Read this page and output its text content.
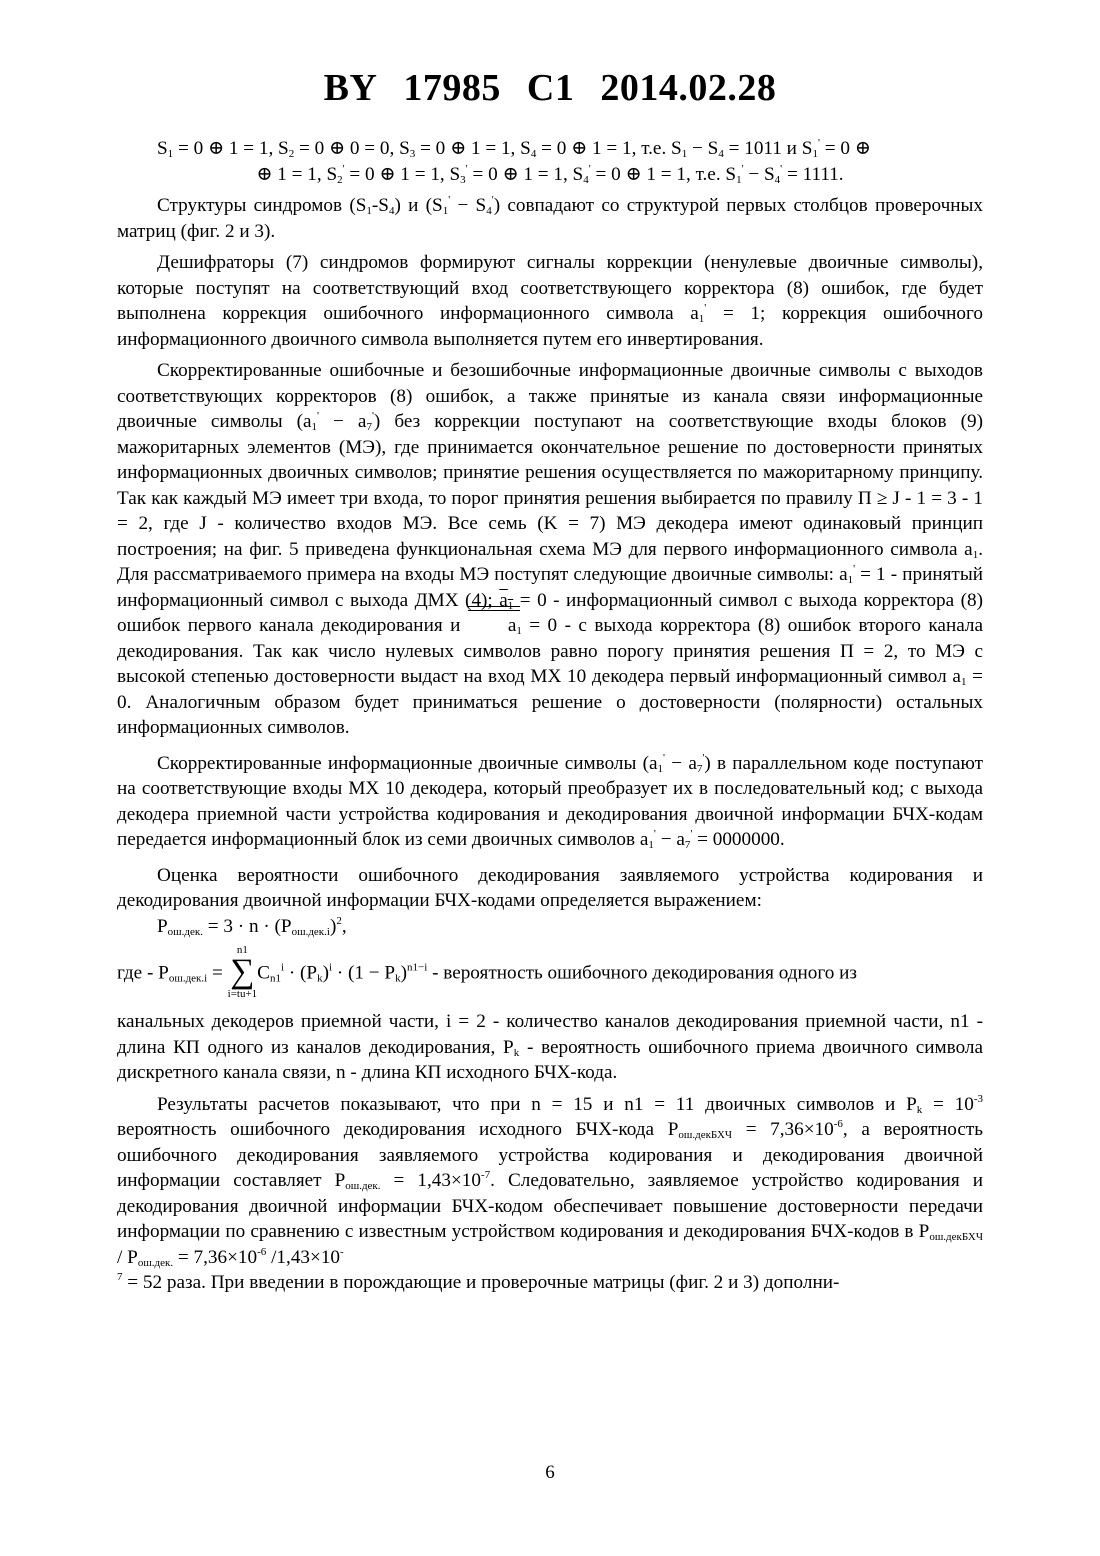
BY 17985 C1 2014.02.28
$S_1 = 0$ ⊕ 1 = 1, $S_2 = 0$ ⊕ 0 = 0, $S_3 = 0$ ⊕ 1 = 1, $S_4 = 0$ ⊕ 1 = 1, т.е. $S_1 - S_4 = 1011$ и $S_1' = 0$ ⊕
⊕ 1 = 1, $S_2' = 0$ ⊕ 1 = 1, $S_3' = 0$ ⊕ 1 = 1, $S_4' = 0$ ⊕ 1 = 1, т.е. $S_1' - S_4' = 1111$.

Структуры синдромов $(S_1-S_4)$ и $(S_1' - S_4')$ совпадают со структурой первых столбцов проверочных матриц (фиг. 2 и 3).

Дешифраторы (7) синдромов формируют сигналы коррекции (ненулевые двоичные символы), которые поступят на соответствующий вход соответствующего корректора (8) ошибок, где будет выполнена коррекция ошибочного информационного символа $a_1' = 1$; коррекция ошибочного информационного двоичного символа выполняется путем его инвертирования.

Скорректированные ошибочные и безошибочные информационные двоичные символы с выходов соответствующих корректоров (8) ошибок, а также принятые из канала связи информационные двоичные символы $(a_1' - a_7')$ без коррекции поступают на соответствующие входы блоков (9) мажоритарных элементов (МЭ), где принимается окончательное решение по достоверности принятых информационных двоичных символов; принятие решения осуществляется по мажоритарному принципу. Так как каждый МЭ имеет три входа, то порог принятия решения выбирается по правилу П ≥ J - 1 = 3 - 1 = 2, где J - количество входов МЭ. Все семь (K = 7) МЭ декодера имеют одинаковый принцип построения; на фиг. 5 приведена функциональная схема МЭ для первого информационного символа $a_1$. Для рассматриваемого примера на входы МЭ поступят следующие двоичные символы: $a_1' = 1$ - принятый информационный символ с выхода ДМХ (4); $a_1 = 0$ - информационный символ с выхода корректора (8) ошибок первого канала декодирования и $a_1 = 0 - с$ выхода корректора (8) ошибок второго канала декодирования. Так как число нулевых символов равно порогу принятия решения П = 2, то МЭ с высокой степенью достоверности выдаст на вход МХ 10 декодера первый информационный символ $a_1 = 0$. Аналогичным образом будет приниматься решение о достоверности (полярности) остальных информационных символов.

Скорректированные информационные двоичные символы $(a_1' - a_7')$ в параллельном коде поступают на соответствующие входы МХ 10 декодера, который преобразует их в последовательный код; с выхода декодера приемной части устройства кодирования и декодирования двоичной информации БЧХ-кодам передается информационный блок из семи двоичных символов $a_1' - a_7' = 0000000$.

Оценка вероятности ошибочного декодирования заявляемого устройства кодирования и декодирования двоичной информации БЧХ-кодами определяется выражением:

$P_{ош.дек.} = 3 \cdot n \cdot (P_{ош.дек.i})^2$,

где - $P_{ош.дек.i}$ =
n1
∑
i=tu+1
$C_{n1}^i \cdot (P_k)^i \cdot (1 - P_k)^{n1-i}$ - вероятность ошибочного декодирования одного из

канальных декодеров приемной части, i = 2 - количество каналов декодирования приемной части, n1 - длина КП одного из каналов декодирования, $P_k$ - вероятность ошибочного приема двоичного символа дискретного канала связи, n - длина КП исходного БЧХ-кода.

Результаты расчетов показывают, что при n = 15 и n1 = 11 двоичных символов и $P_k = 10^{-3}$ вероятность ошибочного декодирования исходного БЧХ-кода $P_{ош.декБХЧ} = 7,36\times 10^{-6}$, а вероятность ошибочного декодирования заявляемого устройства кодирования и декодирования двоичной информации составляет $P_{ош.дек.} = 1,43\times 10^{-7}$. Следовательно, заявляемое устройство кодирования и декодирования двоичной информации БЧХ-кодом обеспечивает повышение достоверности передачи информации по сравнению с известным устройством кодирования и декодирования БЧХ-кодов в $P_{ош.декБХЧ} / P_{ош.дек.} = 7,36\times 10^{-6}$ /1,43×10-
$^7$ = 52 раза. При введении в порождающие и проверочные матрицы (фиг. 2 и 3) дополни-

6
